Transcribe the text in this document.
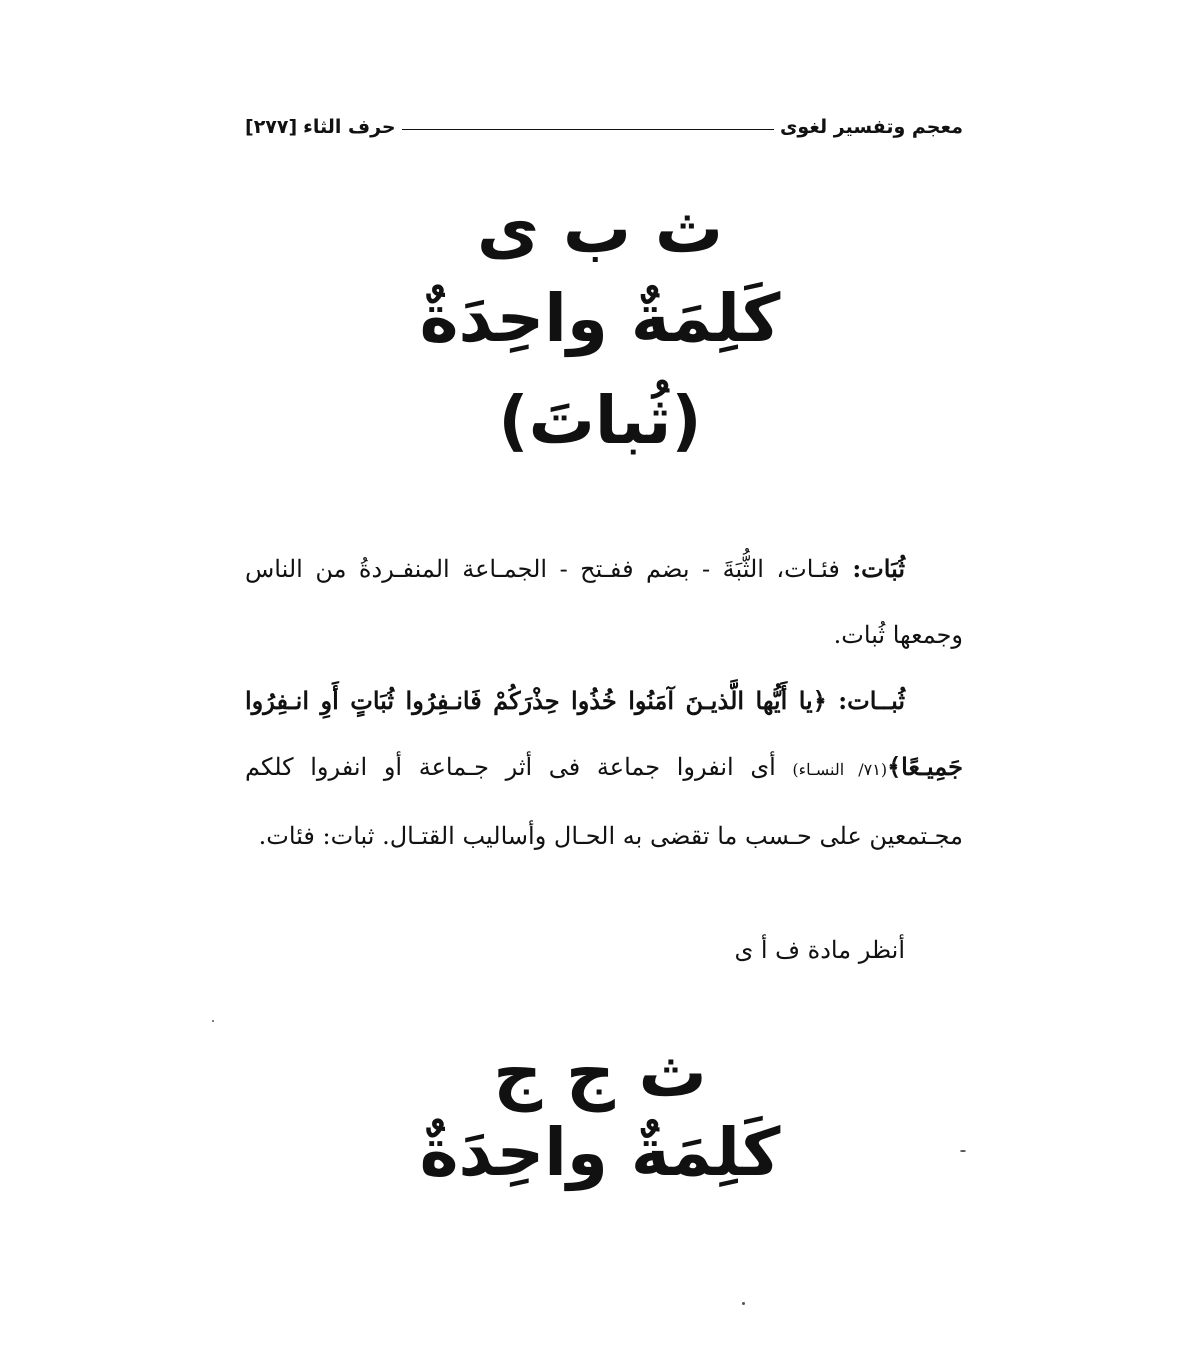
معجم وتفسير لغوى
حرف الثاء
[٢٧٧]
ث ب ى
كَلِمَةٌ واحِدَةٌ
(ثُباتَ)

ثُبَات: فئـات، الثُّبَةَ - بضم ففـتح - الجمـاعة المنفـردةُ من الناس وجمعها ثُبات.

ثُبــات: ﴿يا أَيُّها الَّذيـنَ آمَنُوا خُذُوا حِذْرَكُمْ فَانـفِرُوا ثُبَاتٍ أَوِ انـفِرُوا جَمِيـعًا﴾(٧١/ النسـاء) أى انفروا جماعة فى أثر جـماعة أو انفروا كلكم مجـتمعين على حـسب ما تقضى به الحـال وأساليب القتـال. ثبات: فئات.

أنظر مادة ف أ ى
ث ج ج
كَلِمَةٌ واحِدَةٌ
